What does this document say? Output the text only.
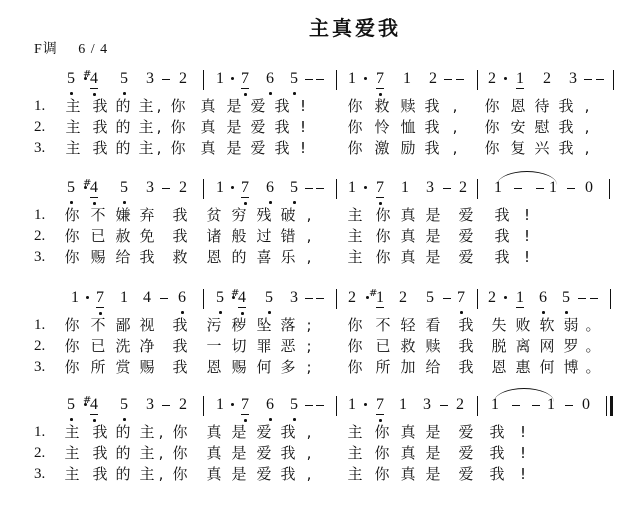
主真爱我
F调 6 / 4
5 4
# 5 3 2 1 7 6 5	1 7 1 2	2 1 2 3
1. 主 我 的 主 , 你 真 是 爱 我 !	你 救 赎 我 ,	你 恩 待 我 ,
2. 主 我 的 主 , 你 真 是 爱 我 !	你 怜 恤 我 ,	你 安 慰 我 ,
3. 主 我 的 主 , 你 真 是 爱 我 !	你 激 励 我 ,	你 复 兴 我 ,
5 4
# 5 3 2 1 7 6 5	1 7 1 3 2 1	1 0
1. 你 不 嫌 弃 我 贫 穷 残 破 ,	主 你 真 是 爱 我 !
2. 你 已 赦 免 我 诸 般 过 错 ,	主 你 真 是 爱 我 !
3. 你 赐 给 我 救 恩 的 喜 乐 ,	主 你 真 是 爱 我 !
1 7 1 4 6 5 4
# 5 3	2 1
# 2 5 7 2 1 6 5
1. 你 不 鄙 视 我 污 秽 坠 落 ;	你 不 轻 看 我 失 败 软 弱 。
2. 你 已 洗 净 我 一 切 罪 恶 ;	你 已 救 赎 我 脱 离 网 罗 。
3. 你 所 赏 赐 我 恩 赐 何 多 ;	你 所 加 给 我 恩 惠 何 博 。
5 4
# 5 3 2 1 7 6 5	1 7 1 3 2 1	1 0
1. 主 我 的 主 , 你 真 是 爱 我 ,	主 你 真 是 爱 我	!
2. 主 我 的 主 , 你 真 是 爱 我 ,	主 你 真 是 爱 我	!
3. 主 我 的 主 , 你 真 是 爱 我 ,	主 你 真 是 爱 我	!
